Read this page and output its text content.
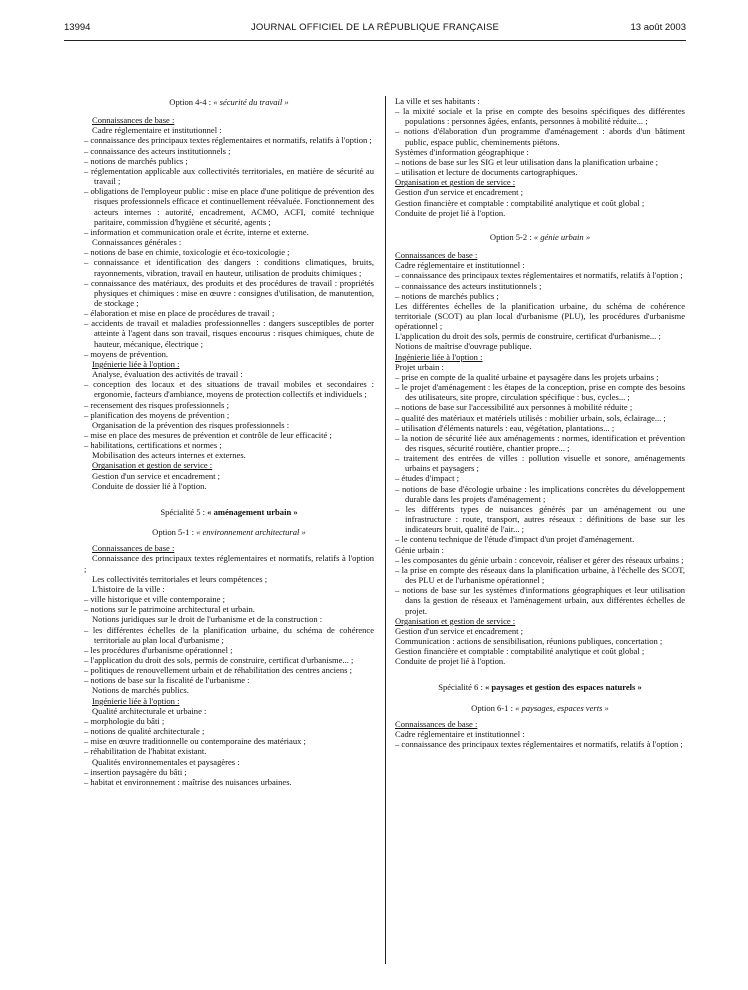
13994	JOURNAL OFFICIEL DE LA RÉPUBLIQUE FRANÇAISE	13 août 2003

Option 4-4 : « sécurité du travail »

Connaissances de base :

Cadre réglementaire et institutionnel :

– connaissance des principaux textes réglementaires et normatifs, relatifs à l'option ;

– connaissance des acteurs institutionnels ;

– notions de marchés publics ;

– réglementation applicable aux collectivités territoriales, en matière de sécurité au travail ;

– obligations de l'employeur public : mise en place d'une politique de prévention des risques professionnels efficace et continuellement réévaluée. Fonctionnement des acteurs internes : autorité, encadrement, ACMO, ACFI, comité technique paritaire, commission d'hygiène et sécurité, agents ;

– information et communication orale et écrite, interne et externe.

Connaissances générales :

– notions de base en chimie, toxicologie et éco-toxicologie ;

– connaissance et identification des dangers : conditions climatiques, bruits, rayonnements, vibration, travail en hauteur, utilisation de produits chimiques ;

– connaissance des matériaux, des produits et des procédures de travail : propriétés physiques et chimiques : mise en œuvre : consignes d'utilisation, de manutention, de stockage ;

– élaboration et mise en place de procédures de travail ;

– accidents de travail et maladies professionnelles : dangers susceptibles de porter atteinte à l'agent dans son travail, risques encourus : risques chimiques, chute de hauteur, mécanique, électrique ;

– moyens de prévention.

Ingénierie liée à l'option :

Analyse, évaluation des activités de travail :

– conception des locaux et des situations de travail mobiles et secondaires : ergonomie, facteurs d'ambiance, moyens de protection collectifs et individuels ;

– recensement des risques professionnels ;

– planification des moyens de prévention ;

Organisation de la prévention des risques professionnels :

– mise en place des mesures de prévention et contrôle de leur efficacité ;

– habilitations, certifications et normes ;

Mobilisation des acteurs internes et externes.

Organisation et gestion de service :

Gestion d'un service et encadrement ;

Conduite de dossier lié à l'option.

Spécialité 5 : « aménagement urbain »

Option 5-1 : « environnement architectural »

Connaissances de base :

Connaissance des principaux textes réglementaires et normatifs, relatifs à l'option ;

Les collectivités territoriales et leurs compétences ;

L'histoire de la ville :

– ville historique et ville contemporaine ;

– notions sur le patrimoine architectural et urbain.

Notions juridiques sur le droit de l'urbanisme et de la construction :

– les différentes échelles de la planification urbaine, du schéma de cohérence territoriale au plan local d'urbanisme ;

– les procédures d'urbanisme opérationnel ;

– l'application du droit des sols, permis de construire, certificat d'urbanisme... ;

– politiques de renouvellement urbain et de réhabilitation des centres anciens ;

– notions de base sur la fiscalité de l'urbanisme :

Notions de marchés publics.

Ingénierie liée à l'option :

Qualité architecturale et urbaine :

– morphologie du bâti ;

– notions de qualité architecturale ;

– mise en œuvre traditionnelle ou contemporaine des matériaux ;

– réhabilitation de l'habitat existant.

Qualités environnementales et paysagères :

– insertion paysagère du bâti ;

– habitat et environnement : maîtrise des nuisances urbaines.

La ville et ses habitants :

– la mixité sociale et la prise en compte des besoins spécifiques des différentes populations : personnes âgées, enfants, personnes à mobilité réduite... ;

– notions d'élaboration d'un programme d'aménagement : abords d'un bâtiment public, espace public, cheminements piétons.

Systèmes d'information géographique :

– notions de base sur les SIG et leur utilisation dans la planification urbaine ;

– utilisation et lecture de documents cartographiques.

Organisation et gestion de service :

Gestion d'un service et encadrement ;

Gestion financière et comptable : comptabilité analytique et coût global ;

Conduite de projet lié à l'option.

Option 5-2 : « génie urbain »

Connaissances de base :

Cadre réglementaire et institutionnel :

– connaissance des principaux textes réglementaires et normatifs, relatifs à l'option ;

– connaissance des acteurs institutionnels ;

– notions de marchés publics ;

Les différentes échelles de la planification urbaine, du schéma de cohérence territoriale (SCOT) au plan local d'urbanisme (PLU), les procédures d'urbanisme opérationnel ;

L'application du droit des sols, permis de construire, certificat d'urbanisme... ;

Notions de maîtrise d'ouvrage publique.

Ingénierie liée à l'option :

Projet urbain :

– prise en compte de la qualité urbaine et paysagère dans les projets urbains ;

– le projet d'aménagement : les étapes de la conception, prise en compte des besoins des utilisateurs, site propre, circulation spécifique : bus, cycles... ;

– notions de base sur l'accessibilité aux personnes à mobilité réduite ;

– qualité des matériaux et matériels utilisés : mobilier urbain, sols, éclairage... ;

– utilisation d'éléments naturels : eau, végétation, plantations... ;

– la notion de sécurité liée aux aménagements : normes, identification et prévention des risques, sécurité routière, chantier propre... ;

– traitement des entrées de villes : pollution visuelle et sonore, aménagements urbains et paysagers ;

– études d'impact ;

– notions de base d'écologie urbaine : les implications concrètes du développement durable dans les projets d'aménagement ;

– les différents types de nuisances générés par un aménagement ou une infrastructure : route, transport, autres réseaux : définitions de base sur les indicateurs bruit, qualité de l'air... ;

– le contenu technique de l'étude d'impact d'un projet d'aménagement.

Génie urbain :

– les composantes du génie urbain : concevoir, réaliser et gérer des réseaux urbains ;

– la prise en compte des réseaux dans la planification urbaine, à l'échelle des SCOT, des PLU et de l'urbanisme opérationnel ;

– notions de base sur les systèmes d'informations géographiques et leur utilisation dans la gestion de réseaux et l'aménagement urbain, aux différentes échelles de projet.

Organisation et gestion de service :

Gestion d'un service et encadrement ;

Communication : actions de sensibilisation, réunions publiques, concertation ;

Gestion financière et comptable : comptabilité analytique et coût global ;

Conduite de projet lié à l'option.

Spécialité 6 : « paysages et gestion des espaces naturels »

Option 6-1 : « paysages, espaces verts »

Connaissances de base :

Cadre réglementaire et institutionnel :

– connaissance des principaux textes réglementaires et normatifs, relatifs à l'option ;
